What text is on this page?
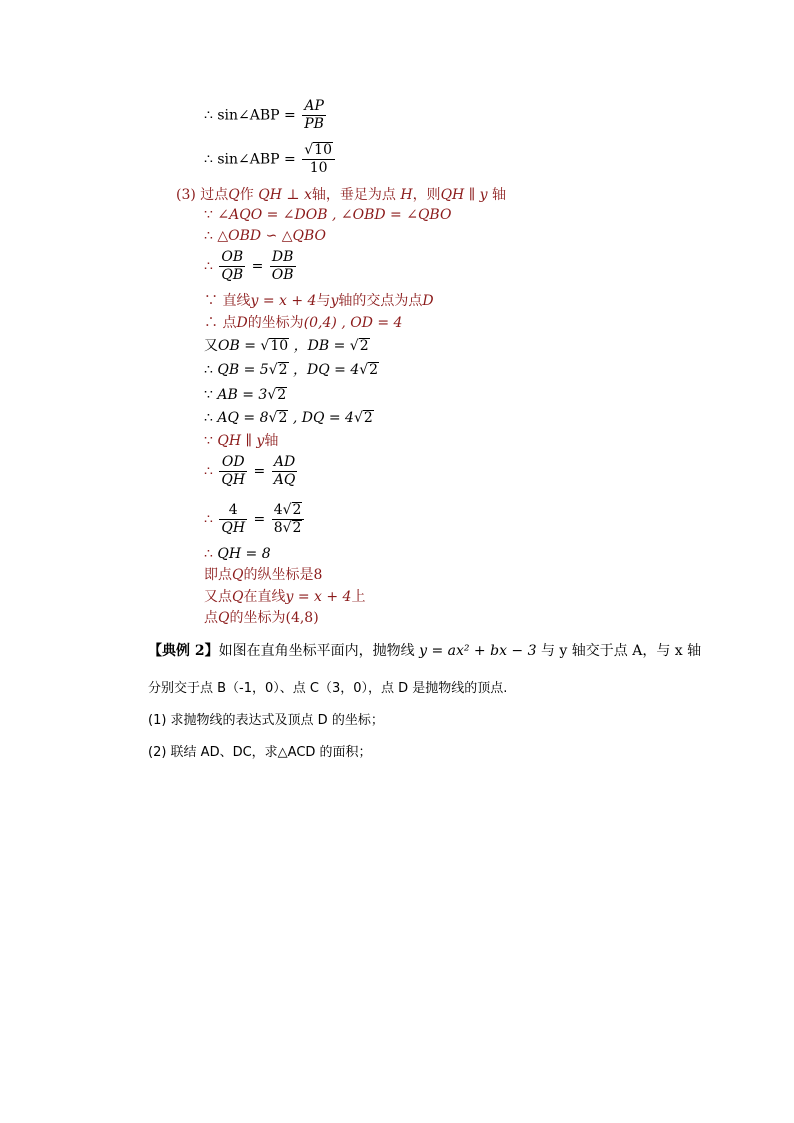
∴ sin∠ABP = $\frac{AP}{PB}$
∴ sin∠ABP = $\frac{√10}{10}$
(3) 过点Q作 QH ⊥ x轴，垂足为点 H，则QH ∥ y 轴
∵ ∠AQO = ∠DOB , ∠OBD = ∠QBO
∴ △OBD ∽ △QBO
∴ $\frac{OB}{QB} = \frac{DB}{OB}$
∵ 直线y = x + 4与y轴的交点为点D
∴ 点D的坐标为(0,4) , OD = 4
又OB = √10 ，DB = √2
∴ QB = 5√2 ，DQ = 4√2
∵ AB = 3√2
∴ AQ = 8√2 , DQ = 4√2
∵ QH ∥ y轴
∴ $\frac{OD}{QH} = \frac{AD}{AQ}$
∴ $\frac{4}{QH} = \frac{4√2}{8√2}$
∴ QH = 8
即点Q的纵坐标是8
又点Q在直线y = x + 4上
点Q的坐标为(4,8)
【典例 2】如图在直角坐标平面内，抛物线 y = ax² + bx − 3 与 y 轴交于点 A，与 x 轴
分别交于点 B（-1，0）、点 C（3，0），点 D 是抛物线的顶点.
(1) 求抛物线的表达式及顶点 D 的坐标；
(2) 联结 AD、DC，求△ACD 的面积；
